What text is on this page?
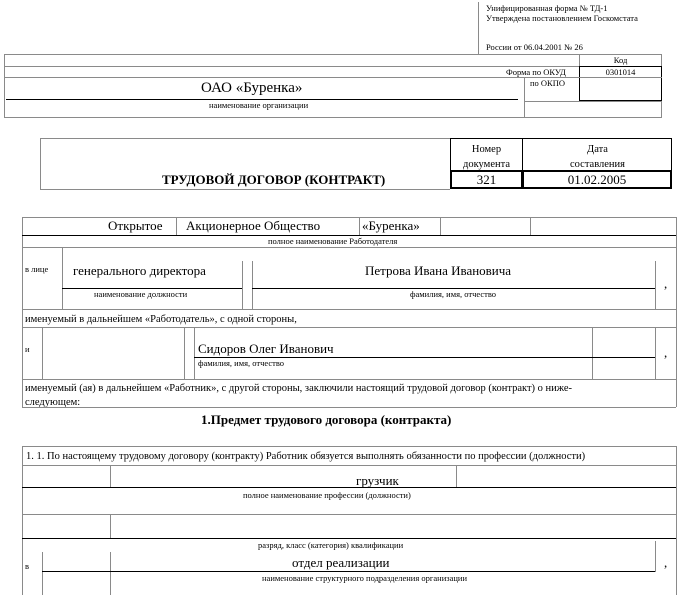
Унифицированная форма № ТД-1
Утверждена постановлением Госкомстата
России от 06.04.2001 № 26
Код
Форма по ОКУД	0301014
по ОКПО
ОАО «Буренка»
наименование организации
Номер документа
Дата составления
ТРУДОВОЙ ДОГОВОР (КОНТРАКТ)	321	01.02.2005
Открытое Акционерное Общество	«Буренка»
полное наименование Работодателя
в лице генерального директора	Петрова Ивана Ивановича
,
наименование должности	фамилия, имя, отчество
именуемый в дальнейшем «Работодатель», с одной стороны,
и	Сидоров Олег Иванович	,
фамилия, имя, отчество
именуемый (ая) в дальнейшем «Работник», с другой стороны, заключили настоящий трудовой договор (контракт) о ниже-
следующем:
1.Предмет трудового договора (контракта)
1. 1. По настоящему трудовому договору (контракту) Работник обязуется выполнять обязанности по профессии (должности)
грузчик
полное наименование профессии (должности)
разряд, класс (категория) квалификации
в	отдел реализации	,
наименование структурного подразделения организации
